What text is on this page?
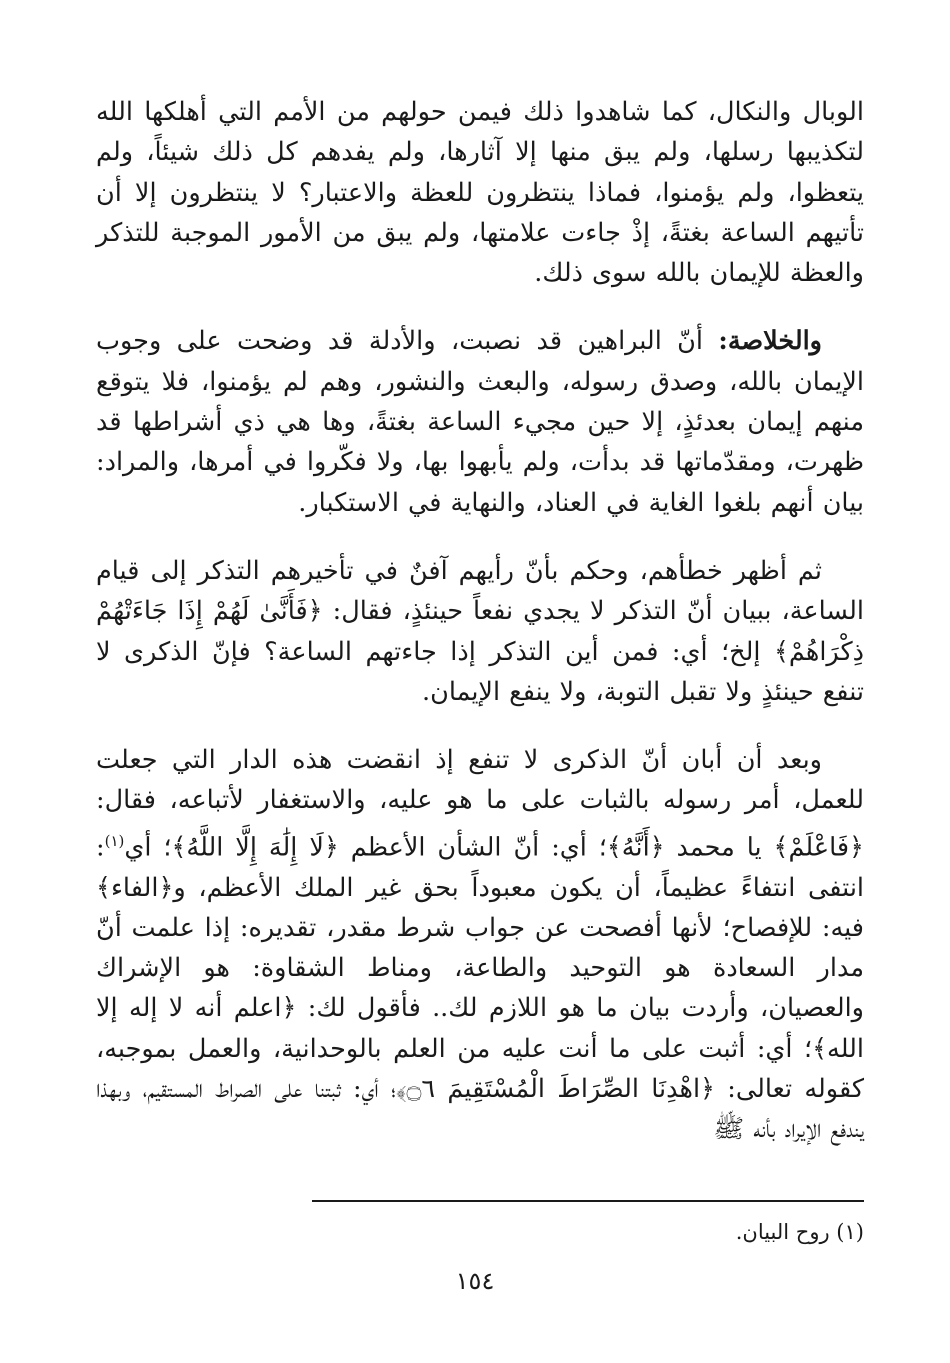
الوبال والنكال، كما شاهدوا ذلك فيمن حولهم من الأمم التي أهلكها الله لتكذيبها رسلها، ولم يبق منها إلا آثارها، ولم يفدهم كل ذلك شيئاً، ولم يتعظوا، ولم يؤمنوا، فماذا ينتظرون للعظة والاعتبار؟ لا ينتظرون إلا أن تأتيهم الساعة بغتةً، إذْ جاءت علامتها، ولم يبق من الأمور الموجبة للتذكر والعظة للإيمان بالله سوى ذلك.

والخلاصة: أنّ البراهين قد نصبت، والأدلة قد وضحت على وجوب الإيمان بالله، وصدق رسوله، والبعث والنشور، وهم لم يؤمنوا، فلا يتوقع منهم إيمان بعدئذٍ، إلا حين مجيء الساعة بغتةً، وها هي ذي أشراطها قد ظهرت، ومقدّماتها قد بدأت، ولم يأبهوا بها، ولا فكّروا في أمرها، والمراد: بيان أنهم بلغوا الغاية في العناد، والنهاية في الاستكبار.

ثم أظهر خطأهم، وحكم بأنّ رأيهم آفنٌ في تأخيرهم التذكر إلى قيام الساعة، ببيان أنّ التذكر لا يجدي نفعاً حينئذٍ، فقال: ﴿فَأَنَّىٰ لَهُمْ إِذَا جَاءَتْهُمْ ذِكْرَاهُمْ﴾ إلخ؛ أي: فمن أين التذكر إذا جاءتهم الساعة؟ فإنّ الذكرى لا تنفع حينئذٍ ولا تقبل التوبة، ولا ينفع الإيمان.

وبعد أن أبان أنّ الذكرى لا تنفع إذ انقضت هذه الدار التي جعلت للعمل، أمر رسوله بالثبات على ما هو عليه، والاستغفار لأتباعه، فقال: ﴿فَاعْلَمْ﴾ يا محمد ﴿أَنَّهُ﴾؛ أي: أنّ الشأن الأعظم ﴿لَا إِلَٰهَ إِلَّا اللَّهُ﴾؛ أي$^{(١)}$: انتفى انتفاءً عظيماً، أن يكون معبوداً بحق غير الملك الأعظم، و﴿الفاء﴾ فيه: للإفصاح؛ لأنها أفصحت عن جواب شرط مقدر، تقديره: إذا علمت أنّ مدار السعادة هو التوحيد والطاعة، ومناط الشقاوة: هو الإشراك والعصيان، وأردت بيان ما هو اللازم لك.. فأقول لك: ﴿اعلم أنه لا إله إلا الله﴾؛ أي: أثبت على ما أنت عليه من العلم بالوحدانية، والعمل بموجبه، كقوله تعالى: ﴿اهْدِنَا الصِّرَاطَ الْمُسْتَقِيمَ ۝٦﴾؛ أي: ثبتنا على الصراط المستقيم، وبهذا يندفع الإيراد بأنه ﷺ

(١) روح البيان.
١٥٤
